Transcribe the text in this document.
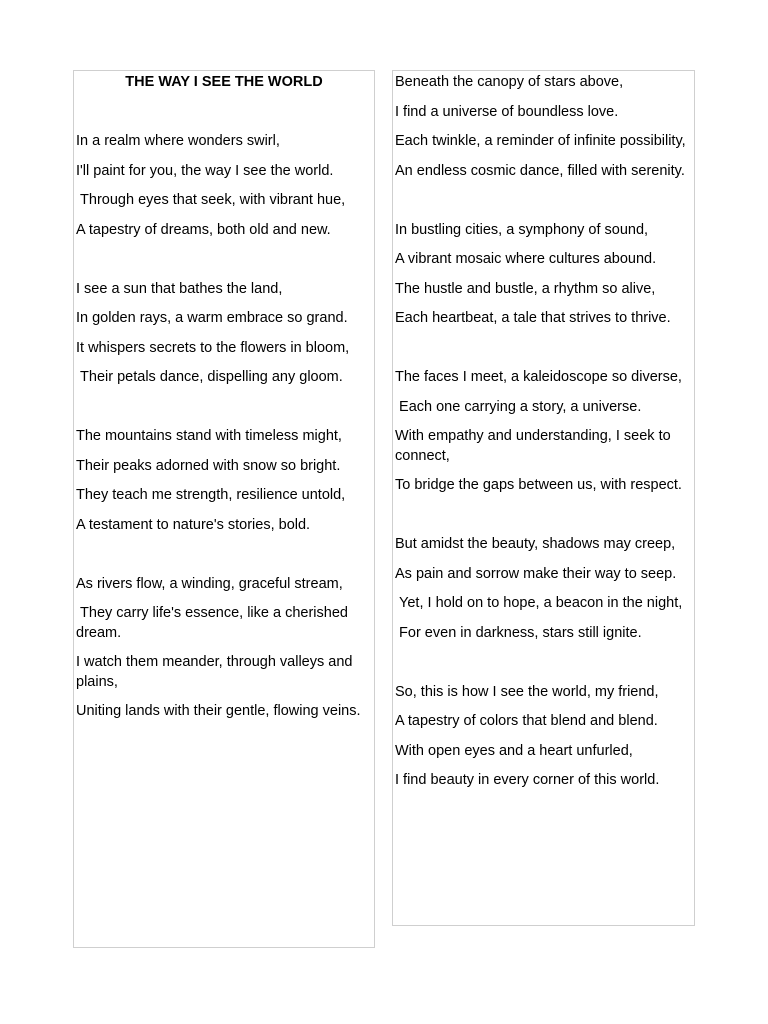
THE WAY I SEE THE WORLD
In a realm where wonders swirl,
I'll paint for you, the way I see the world.
Through eyes that seek, with vibrant hue,
A tapestry of dreams, both old and new.
I see a sun that bathes the land,
In golden rays, a warm embrace so grand.
It whispers secrets to the flowers in bloom,
Their petals dance, dispelling any gloom.
The mountains stand with timeless might,
Their peaks adorned with snow so bright.
They teach me strength, resilience untold,
A testament to nature's stories, bold.
As rivers flow, a winding, graceful stream,
They carry life's essence, like a cherished dream.
I watch them meander, through valleys and plains,
Uniting lands with their gentle, flowing veins.
Beneath the canopy of stars above,
I find a universe of boundless love.
Each twinkle, a reminder of infinite possibility,
An endless cosmic dance, filled with serenity.
In bustling cities, a symphony of sound,
A vibrant mosaic where cultures abound.
The hustle and bustle, a rhythm so alive,
Each heartbeat, a tale that strives to thrive.
The faces I meet, a kaleidoscope so diverse,
Each one carrying a story, a universe.
With empathy and understanding, I seek to connect,
To bridge the gaps between us, with respect.
But amidst the beauty, shadows may creep,
As pain and sorrow make their way to seep.
Yet, I hold on to hope, a beacon in the night,
For even in darkness, stars still ignite.
So, this is how I see the world, my friend,
A tapestry of colors that blend and blend.
With open eyes and a heart unfurled,
I find beauty in every corner of this world.
